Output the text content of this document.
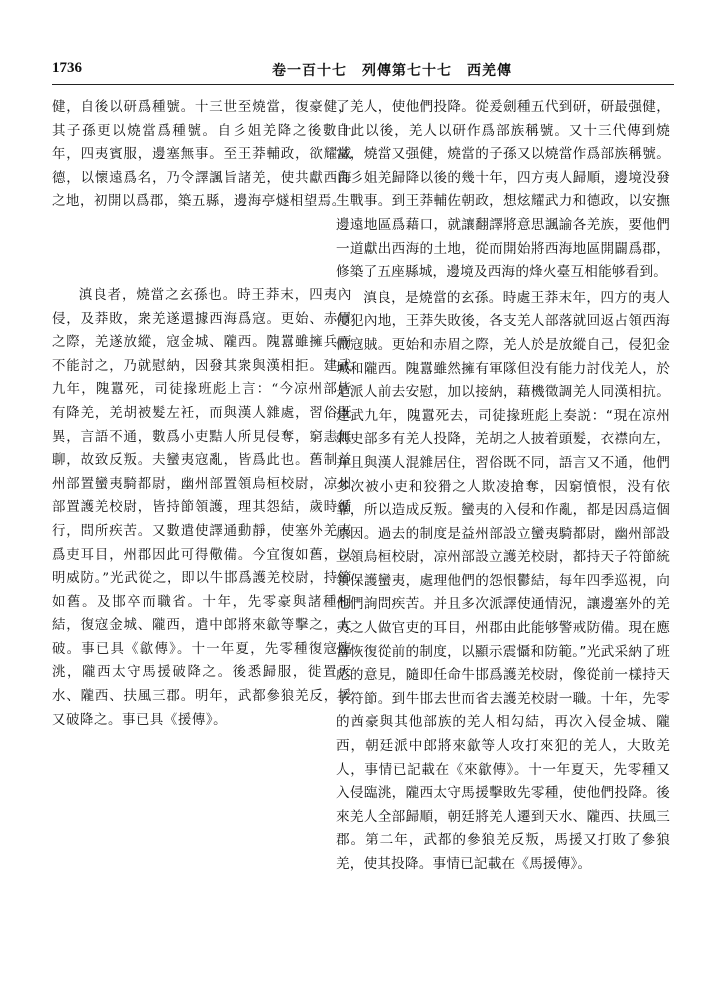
1736	卷一百十七　列傳第七十七　西羌傳

健，自後以研爲種號。十三世至燒當，復豪健，其子孫更以燒當爲種號。自彡姐羌降之後數十年，四夷賓服，邊塞無事。至王莽輔政，欲耀威德，以懷遠爲名，乃令譯諷旨諸羌，使共獻西海之地，初開以爲郡，築五縣，邊海亭燧相望焉。

滇良者，燒當之玄孫也。時王莽末，四夷內侵，及莽敗，衆羌遂還據西海爲寇。更始、赤眉之際，羌遂放縱，寇金城、隴西。隗囂雖擁兵而不能討之，乃就慰納，因發其衆與漢相拒。建武九年，隗囂死，司徒掾班彪上言：“今凉州部皆有降羌，羌胡被髮左衽，而與漢人雜處，習俗既異，言語不通，數爲小吏黠人所見侵奪，窮恚無聊，故致反叛。夫蠻夷寇亂，皆爲此也。舊制益州部置蠻夷騎都尉，幽州部置領烏桓校尉，凉州部置護羌校尉，皆持節領護，理其怨結，歲時循行，問所疾苦。又數遣使譯通動靜，使塞外羌夷爲吏耳目，州郡因此可得儆備。今宜復如舊，以明威防。”光武從之，即以牛邯爲護羌校尉，持節如舊。及邯卒而職省。十年，先零豪與諸種相結，復寇金城、隴西，遣中郎將來歙等擊之，大破。事已具《歙傳》。十一年夏，先零種復寇臨洮，隴西太守馬援破降之。後悉歸服，徙置天水、隴西、扶風三郡。明年，武都參狼羌反，援又破降之。事已具《援傳》。

了羌人，使他們投降。從爰劍種五代到研，研最强健，自此以後，羌人以研作爲部族稱號。又十三代傳到燒當，燒當又强健，燒當的子孫又以燒當作爲部族稱號。自彡姐羌歸降以後的幾十年，四方夷人歸順，邊境没發生戰事。到王莽輔佐朝政，想炫耀武力和德政，以安撫邊遠地區爲藉口，就讓翻譯將意思諷諭各羌族，要他們一道獻出西海的土地，從而開始將西海地區開闢爲郡，修築了五座縣城，邊境及西海的烽火臺互相能够看到。

滇良，是燒當的玄孫。時處王莽末年，四方的夷人侵犯內地，王莽失敗後，各支羌人部落就回返占領西海做寇賊。更始和赤眉之際，羌人於是放縱自己，侵犯金城和隴西。隗囂雖然擁有軍隊但没有能力討伐羌人，於是派人前去安慰，加以接納，藉機徵調羌人同漢相抗。建武九年，隗囂死去，司徒掾班彪上奏説：“現在凉州刺史部多有羌人投降，羌胡之人披着頭髮，衣襟向左，并且與漢人混雜居住，習俗既不同，語言又不通，他們多次被小吏和狡猾之人欺凌搶奪，因窮憤恨，没有依靠，所以造成反叛。蠻夷的入侵和作亂，都是因爲這個原因。過去的制度是益州部設立蠻夷騎都尉，幽州部設立領烏桓校尉，凉州部設立護羌校尉，都持天子符節統領保護蠻夷，處理他們的怨恨鬱結，每年四季巡視，向他們詢問疾苦。并且多次派譯使通情況，讓邊塞外的羌夷之人做官吏的耳目，州郡由此能够警戒防備。現在應當恢復從前的制度，以顯示震懾和防範。”光武采納了班彪的意見，隨即任命牛邯爲護羌校尉，像從前一樣持天子符節。到牛邯去世而省去護羌校尉一職。十年，先零的酋豪與其他部族的羌人相勾結，再次入侵金城、隴西，朝廷派中郎將來歙等人攻打來犯的羌人，大敗羌人，事情已記載在《來歙傳》。十一年夏天，先零種又入侵臨洮，隴西太守馬援擊敗先零種，使他們投降。後來羌人全部歸順，朝廷將羌人遷到天水、隴西、扶風三郡。第二年，武都的參狼羌反叛，馬援又打敗了參狼羌，使其投降。事情已記載在《馬援傳》。
